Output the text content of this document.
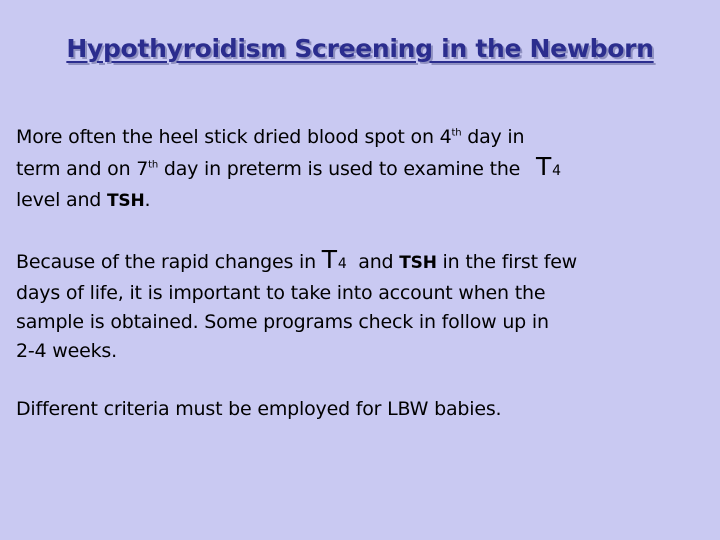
Hypothyroidism Screening in the Newborn
More often the heel stick dried blood spot on 4th day in
term and on 7th day in preterm is used to examine the T4
level and TSH.
Because of the rapid changes in T4  and TSH in the first few
days of life, it is important to take into account when the
sample is obtained. Some programs check in follow up in
2-4 weeks.
Different criteria must be employed for LBW babies.
